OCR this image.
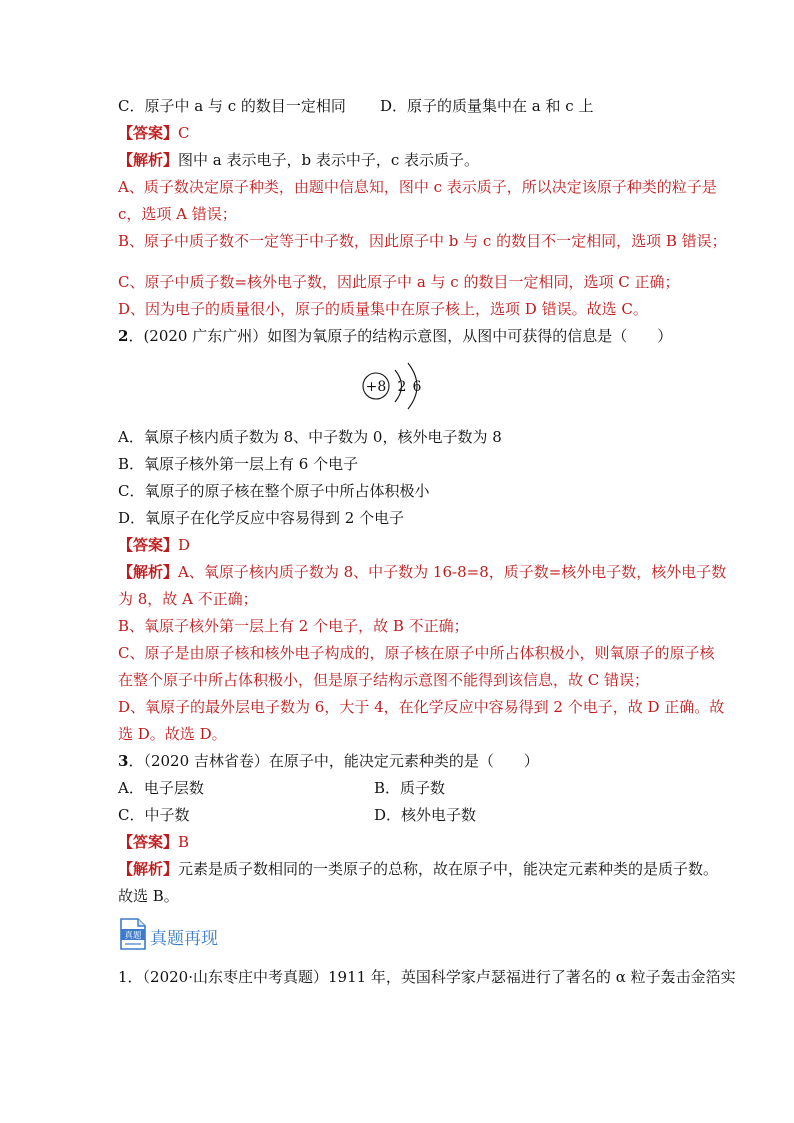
C．原子中 a 与 c 的数目一定相同	D．原子的质量集中在 a 和 c 上
【答案】C
【解析】图中 a 表示电子，b 表示中子，c 表示质子。
A、质子数决定原子种类，由题中信息知，图中 c 表示质子，所以决定该原子种类的粒子是
c，选项 A 错误；
B、原子中质子数不一定等于中子数，因此原子中 b 与 c 的数目不一定相同，选项 B 错误；
C、原子中质子数=核外电子数，因此原子中 a 与 c 的数目一定相同，选项 C 正确；
D、因为电子的质量很小，原子的质量集中在原子核上，选项 D 错误。故选 C。
2．(2020 广东广州）如图为氧原子的结构示意图，从图中可获得的信息是（　　）
+8 2 6
A．氧原子核内质子数为 8、中子数为 0，核外电子数为 8
B．氧原子核外第一层上有 6 个电子
C．氧原子的原子核在整个原子中所占体积极小
D．氧原子在化学反应中容易得到 2 个电子
【答案】D
【解析】A、氧原子核内质子数为 8、中子数为 16-8=8，质子数=核外电子数，核外电子数
为 8，故 A 不正确；
B、氧原子核外第一层上有 2 个电子，故 B 不正确；
C、原子是由原子核和核外电子构成的，原子核在原子中所占体积极小，则氧原子的原子核
在整个原子中所占体积极小，但是原子结构示意图不能得到该信息，故 C 错误；
D、氧原子的最外层电子数为 6，大于 4，在化学反应中容易得到 2 个电子，故 D 正确。故
选 D。故选 D。
3．（2020 吉林省卷）在原子中，能决定元素种类的是（　　）
A．电子层数	B．质子数
C．中子数	D．核外电子数
【答案】B
【解析】元素是质子数相同的一类原子的总称，故在原子中，能决定元素种类的是质子数。
故选 B。
真题 真题再现
1．（2020·山东枣庄中考真题）1911 年，英国科学家卢瑟福进行了著名的 α 粒子轰击金箔实
